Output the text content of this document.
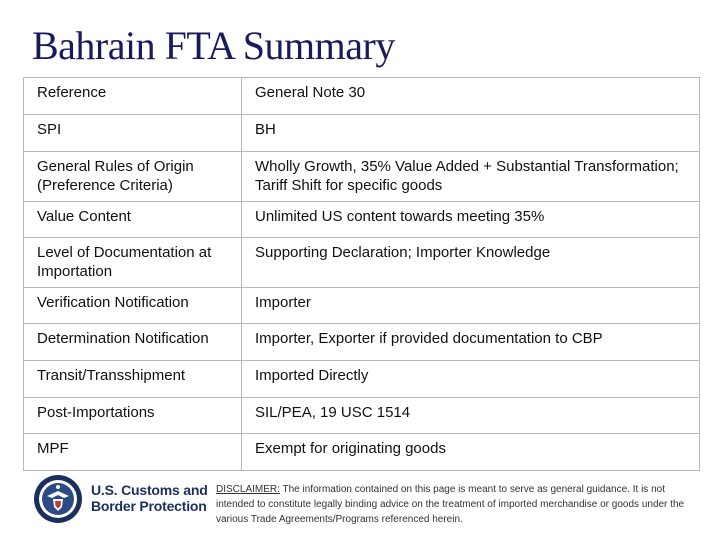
Bahrain FTA Summary
Reference	General Note 30
SPI	BH
General Rules of Origin (Preference Criteria)	Wholly Growth, 35% Value Added + Substantial Transformation; Tariff Shift for specific goods
Value Content	Unlimited US content towards meeting 35%
Level of Documentation at Importation	Supporting Declaration; Importer Knowledge
Verification Notification	Importer
Determination Notification	Importer, Exporter if provided documentation to CBP
Transit/Transshipment	Imported Directly
Post-Importations	SIL/PEA, 19 USC 1514
MPF	Exempt for originating goods
U.S. Customs and
Border Protection
DISCLAIMER: The information contained on this page is meant to serve as general guidance. It is not intended to constitute legally binding advice on the treatment of imported merchandise or goods under the various Trade Agreements/Programs referenced herein.
